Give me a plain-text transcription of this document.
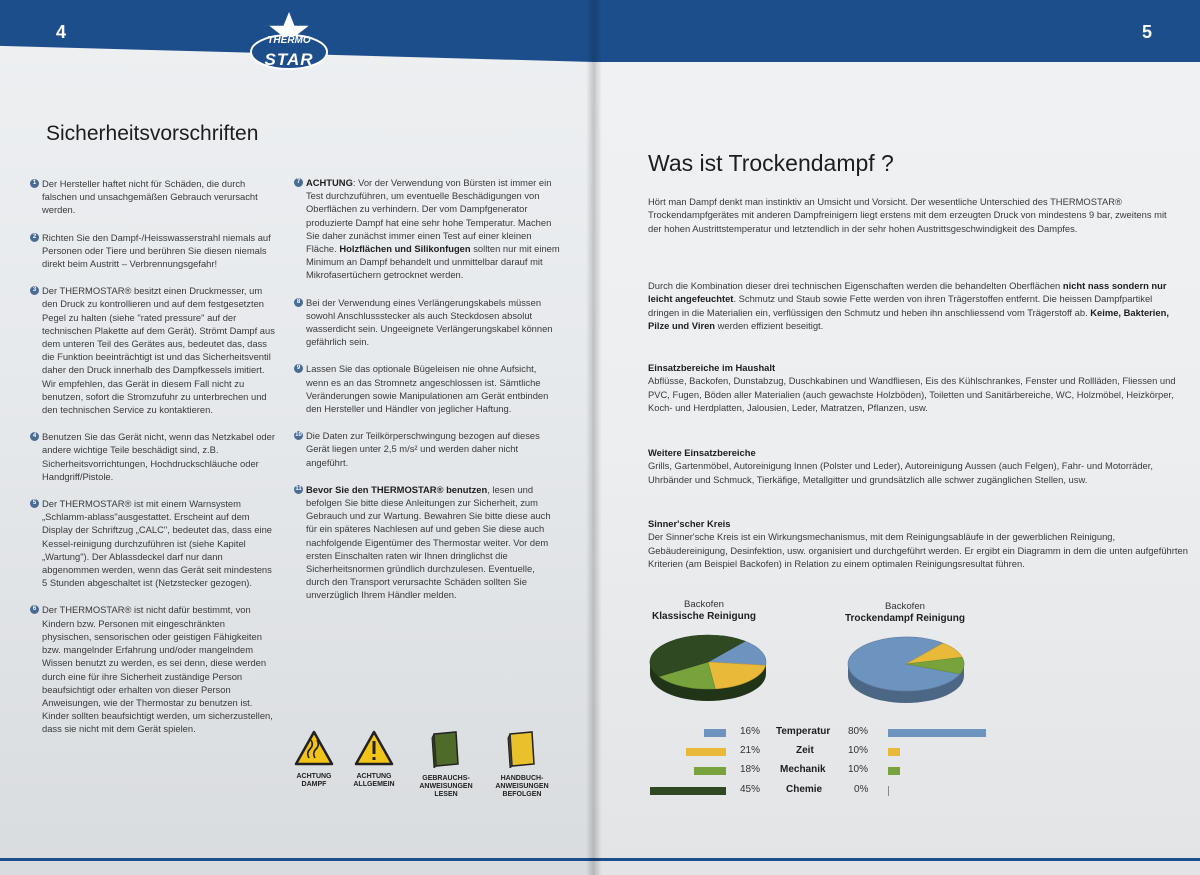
4	THERMO
STAR
Sicherheitsvorschriften
1 Der Hersteller haftet nicht für Schäden, die durch falschen und unsachgemäßen Gebrauch verursacht werden.
2 Richten Sie den Dampf-/Heisswasserstrahl niemals auf Personen oder Tiere und berühren Sie diesen niemals direkt beim Austritt – Verbrennungsgefahr!
3 Der THERMOSTAR® besitzt einen Druckmesser, um den Druck zu kontrollieren und auf dem festgesetzten Pegel zu halten (siehe "rated pressure" auf der technischen Plakette auf dem Gerät). Strömt Dampf aus dem unteren Teil des Gerätes aus, bedeutet das, dass die Funktion beeinträchtigt ist und das Sicherheitsventil daher den Druck innerhalb des Dampfkessels imitiert. Wir empfehlen, das Gerät in diesem Fall nicht zu benutzen, sofort die Stromzufuhr zu unterbrechen und den technischen Service zu kontaktieren.
4 Benutzen Sie das Gerät nicht, wenn das Netzkabel oder andere wichtige Teile beschädigt sind, z.B. Sicherheitsvorrichtungen, Hochdruckschläuche oder Handgriff/Pistole.
5 Der THERMOSTAR® ist mit einem Warnsystem „Schlamm-ablass"ausgestattet. Erscheint auf dem Display der Schriftzug „CALC", bedeutet das, dass eine Kessel-reinigung durchzuführen ist (siehe Kapitel „Wartung"). Der Ablassdeckel darf nur dann abgenommen werden, wenn das Gerät seit mindestens 5 Stunden abgeschaltet ist (Netzstecker gezogen).
6 Der THERMOSTAR® ist nicht dafür bestimmt, von Kindern bzw. Personen mit eingeschränkten physischen, sensorischen oder geistigen Fähigkeiten bzw. mangelnder Erfahrung und/oder mangelndem Wissen benutzt zu werden, es sei denn, diese werden durch eine für ihre Sicherheit zuständige Person beaufsichtigt oder erhalten von dieser Person Anweisungen, wie der Thermostar zu benutzen ist. Kinder sollten beaufsichtigt werden, um sicherzustellen, dass sie nicht mit dem Gerät spielen.
7 ACHTUNG: Vor der Verwendung von Bürsten ist immer ein Test durchzuführen, um eventuelle Beschädigungen von Oberflächen zu verhindern. Der vom Dampfgenerator produzierte Dampf hat eine sehr hohe Temperatur. Machen Sie daher zunächst immer einen Test auf einer kleinen Fläche. Holzflächen und Silikonfugen sollten nur mit einem Minimum an Dampf behandelt und unmittelbar darauf mit Mikrofasertüchern getrocknet werden.
8 Bei der Verwendung eines Verlängerungskabels müssen sowohl Anschlussstecker als auch Steckdosen absolut wasserdicht sein. Ungeeignete Verlängerungskabel können gefährlich sein.
9 Lassen Sie das optionale Bügeleisen nie ohne Aufsicht, wenn es an das Stromnetz angeschlossen ist. Sämtliche Veränderungen sowie Manipulationen am Gerät entbinden den Hersteller und Händler von jeglicher Haftung.
10 Die Daten zur Teilkörperschwingung bezogen auf dieses Gerät liegen unter 2,5 m/s² und werden daher nicht angeführt.
11 Bevor Sie den THERMOSTAR® benutzen, lesen und befolgen Sie bitte diese Anleitungen zur Sicherheit, zum Gebrauch und zur Wartung. Bewahren Sie bitte diese auch für ein späteres Nachlesen auf und geben Sie diese auch nachfolgende Eigentümer des Thermostar weiter. Vor dem ersten Einschalten raten wir Ihnen dringlichst die Sicherheitsnormen gründlich durchzulesen. Eventuelle, durch den Transport verursachte Schäden sollten Sie unverzüglich Ihrem Händler melden.
ACHTUNG DAMPF
ACHTUNG ALLGEMEIN
GEBRAUCHS- ANWEISUNGEN LESEN
HANDBUCH- ANWEISUNGEN BEFOLGEN
5
Was ist Trockendampf ?
Hört man Dampf denkt man instinktiv an Umsicht und Vorsicht. Der wesentliche Unterschied des THERMOSTAR® Trockendampfgerätes mit anderen Dampfreinigern liegt erstens mit dem erzeugten Druck von mindestens 9 bar, zweitens mit der hohen Austrittstemperatur und letztendlich in der sehr hohen Austrittsgeschwindigkeit des Dampfes.
Durch die Kombination dieser drei technischen Eigenschaften werden die behandelten Oberflächen nicht nass sondern nur leicht angefeuchtet. Schmutz und Staub sowie Fette werden von ihren Trägerstoffen entfernt. Die heissen Dampfpartikel dringen in die Materialien ein, verflüssigen den Schmutz und heben ihn anschliessend vom Trägerstoff ab. Keime, Bakterien, Pilze und Viren werden effizient beseitigt.
Einsatzbereiche im Haushalt
Abflüsse, Backofen, Dunstabzug, Duschkabinen und Wandfliesen, Eis des Kühlschrankes, Fenster und Rollläden, Fliessen und PVC, Fugen, Böden aller Materialien (auch gewachste Holzböden), Toiletten und Sanitärbereiche, WC, Holzmöbel, Heizkörper, Koch- und Herdplatten, Jalousien, Leder, Matratzen, Pflanzen, usw.
Weitere Einsatzbereiche
Grills, Gartenmöbel, Autoreinigung Innen (Polster und Leder), Autoreinigung Aussen (auch Felgen), Fahr- und Motorräder, Uhrbänder und Schmuck, Tierkäfige, Metallgitter und grundsätzlich alle schwer zugänglichen Stellen, usw.
Sinner'scher Kreis
Der Sinner'sche Kreis ist ein Wirkungsmechanismus, mit dem Reinigungsabläufe in der gewerblichen Reinigung, Gebäudereinigung, Desinfektion, usw. organisiert und durchgeführt werden. Er ergibt ein Diagramm in dem die unten aufgeführten Kriterien (am Beispiel Backofen) in Relation zu einem optimalen Reinigungsresultat führen.
Backofen
Klassische Reinigung
Backofen
Trockendampf Reinigung
16% Temperatur 80%
21%	Zeit	10%
18% Mechanik 10%
45%	Chemie	0%
